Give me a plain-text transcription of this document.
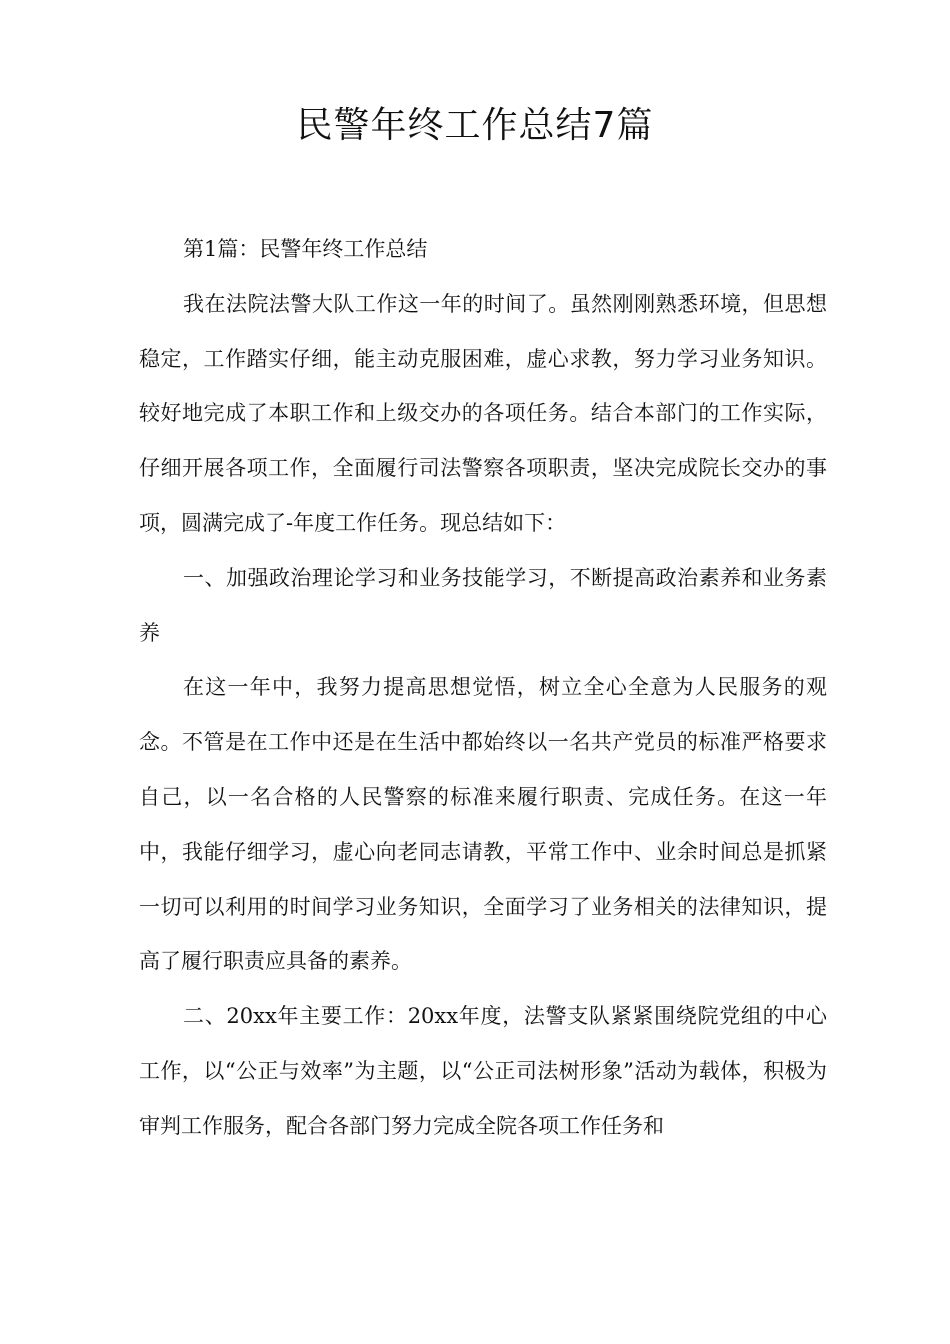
民警年终工作总结7篇

第1篇：民警年终工作总结

我在法院法警大队工作这一年的时间了。虽然刚刚熟悉环境，但思想稳定，工作踏实仔细，能主动克服困难，虚心求教，努力学习业务知识。较好地完成了本职工作和上级交办的各项任务。结合本部门的工作实际，仔细开展各项工作，全面履行司法警察各项职责，坚决完成院长交办的事项，圆满完成了-年度工作任务。现总结如下：

一、加强政治理论学习和业务技能学习，不断提高政治素养和业务素养

在这一年中，我努力提高思想觉悟，树立全心全意为人民服务的观念。不管是在工作中还是在生活中都始终以一名共产党员的标准严格要求自己，以一名合格的人民警察的标准来履行职责、完成任务。在这一年中，我能仔细学习，虚心向老同志请教，平常工作中、业余时间总是抓紧一切可以利用的时间学习业务知识，全面学习了业务相关的法律知识，提高了履行职责应具备的素养。

二、20xx年主要工作：20xx年度，法警支队紧紧围绕院党组的中心工作，以“公正与效率”为主题，以“公正司法树形象”活动为载体，积极为审判工作服务，配合各部门努力完成全院各项工作任务和
